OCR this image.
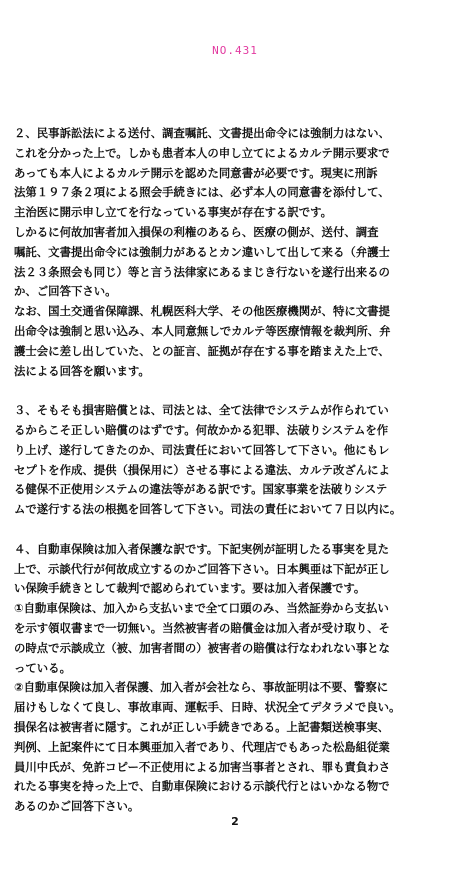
NO.431
２、民事訴訟法による送付、調査嘱託、文書提出命令には強制力はない、
これを分かった上で。しかも患者本人の申し立てによるカルテ開示要求で
あっても本人によるカルテ開示を認めた同意書が必要です。現実に刑訴
法第１９７条２項による照会手続きには、必ず本人の同意書を添付して、
主治医に開示申し立てを行なっている事実が存在する訳です。
しかるに何故加害者加入損保の利権のあるら、医療の側が、送付、調査
嘱託、文書提出命令には強制力があるとカン違いして出して来る（弁護士
法２３条照会も同じ）等と言う法律家にあるまじき行ないを遂行出来るの
か、ご回答下さい。
なお、国土交通省保障課、札幌医科大学、その他医療機関が、特に文書提
出命令は強制と思い込み、本人同意無しでカルテ等医療情報を裁判所、弁
護士会に差し出していた、との証言、証拠が存在する事を踏まえた上で、
法による回答を願います。
３、そもそも損害賠償とは、司法とは、全て法律でシステムが作られてい
るからこそ正しい賠償のはずです。何故かかる犯罪、法破りシステムを作
り上げ、遂行してきたのか、司法責任において回答して下さい。他にもレ
セプトを作成、提供（損保用に）させる事による違法、カルテ改ざんによ
る健保不正使用システムの違法等がある訳です。国家事業を法破りシステ
ムで遂行する法の根拠を回答して下さい。司法の責任において７日以内に。
４、自動車保険は加入者保護な訳です。下記実例が証明したる事実を見た
上で、示談代行が何故成立するのかご回答下さい。日本興亜は下記が正し
い保険手続きとして裁判で認められています。要は加入者保護です。
①自動車保険は、加入から支払いまで全て口頭のみ、当然証券から支払い
を示す領収書まで一切無い。当然被害者の賠償金は加入者が受け取り、そ
の時点で示談成立（被、加害者間の）被害者の賠償は行なわれない事とな
っている。
②自動車保険は加入者保護、加入者が会社なら、事故証明は不要、警察に
届けもしなくて良し、事故車両、運転手、日時、状況全てデタラメで良い。
損保名は被害者に隠す。これが正しい手続きである。上記書類送検事実、
判例、上記案件にて日本興亜加入者であり、代理店でもあった松島組従業
員川中氏が、免許コピー不正使用による加害当事者とされ、罪も責負わさ
れたる事実を持った上で、自動車保険における示談代行とはいかなる物で
あるのかご回答下さい。
2
